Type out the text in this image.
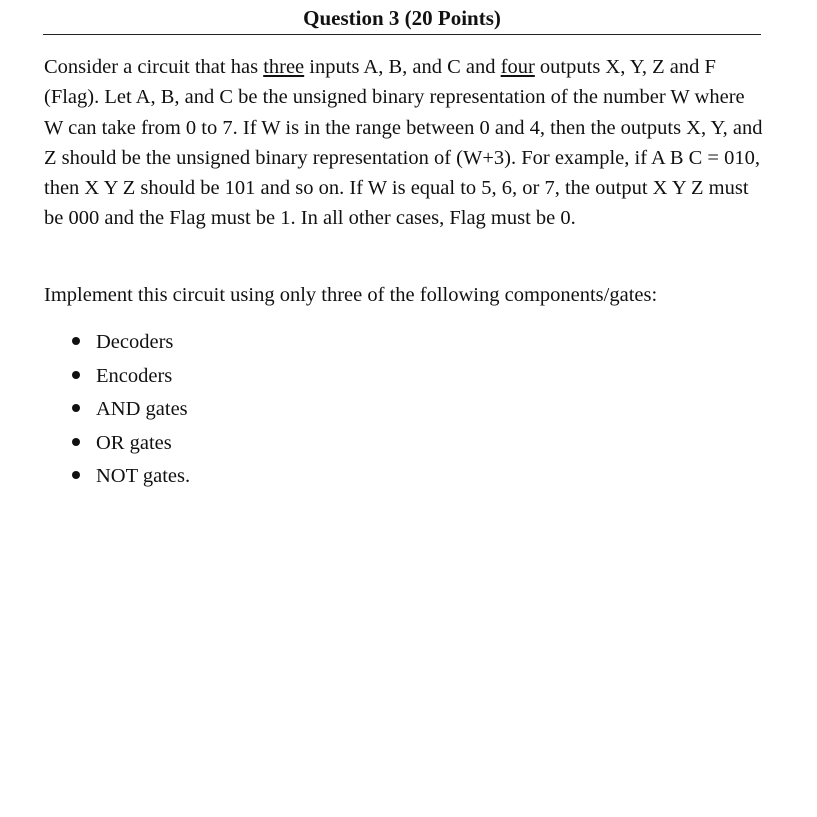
Question 3 (20 Points)

Consider a circuit that has three inputs A, B, and C and four outputs X, Y, Z and F (Flag). Let A, B, and C be the unsigned binary representation of the number W where W can take from 0 to 7. If W is in the range between 0 and 4, then the outputs X, Y, and Z should be the unsigned binary representation of (W+3). For example, if A B C = 010, then X Y Z should be 101 and so on. If W is equal to 5, 6, or 7, the output X Y Z must be 000 and the Flag must be 1. In all other cases, Flag must be 0.

Implement this circuit using only three of the following components/gates:
Decoders
Encoders
AND gates
OR gates
NOT gates.
